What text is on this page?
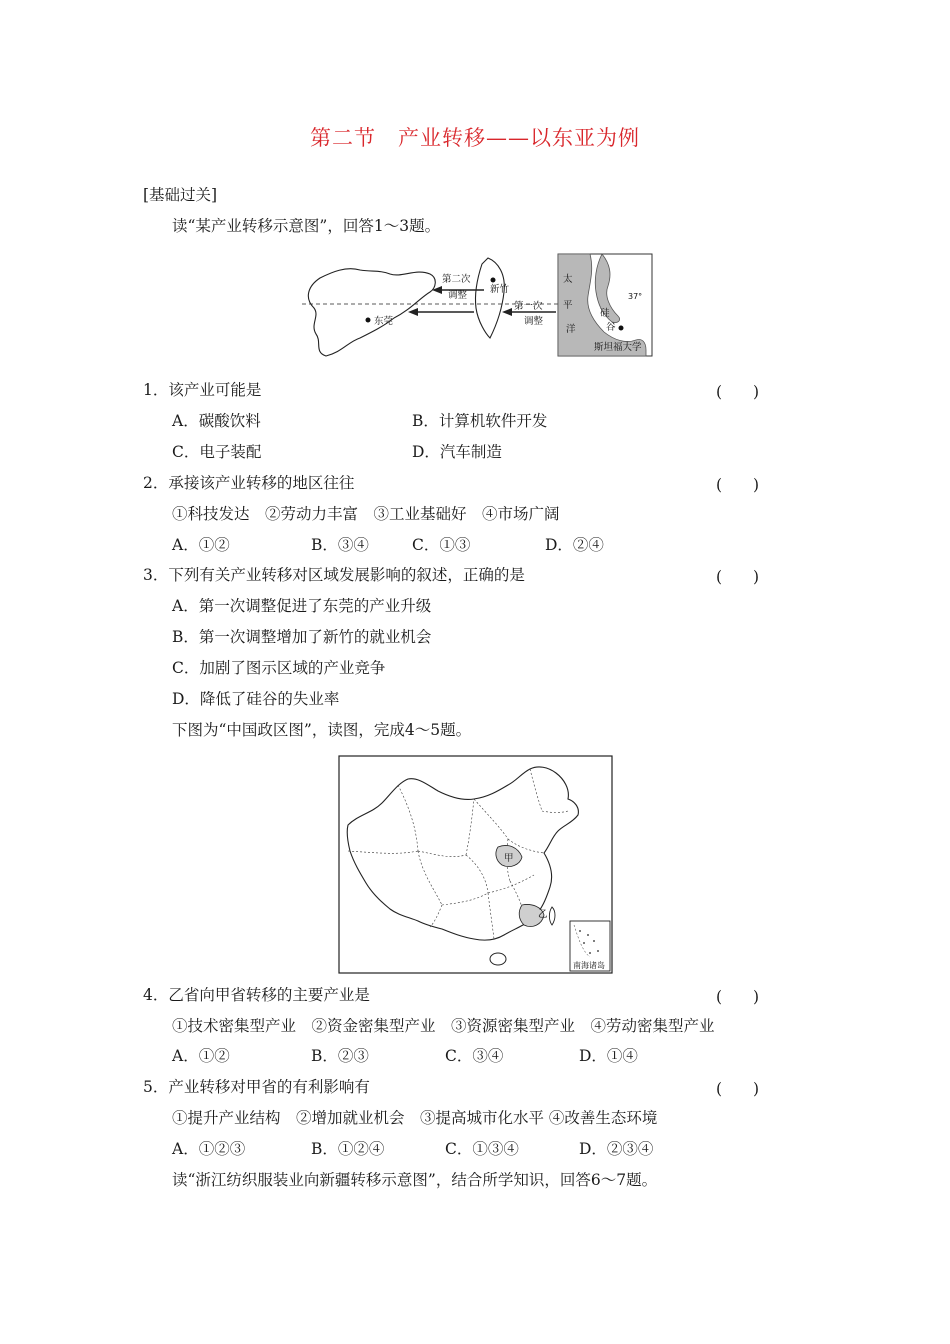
第二节　产业转移——以东亚为例
[基础过关]
读“某产业转移示意图”，回答1～3题。
第二次
调整
第一次
调整
新竹
东莞
太
平
洋
硅
谷
37°
斯坦福大学
1．该产业可能是	(　　)
A．碳酸饮料	B．计算机软件开发
C．电子装配	D．汽车制造
2．承接该产业转移的地区往往	(　　)
①科技发达　②劳动力丰富　③工业基础好　④市场广阔
A．①②	B．③④	C．①③	D．②④
3．下列有关产业转移对区域发展影响的叙述，正确的是	(　　)
A．第一次调整促进了东莞的产业升级
B．第一次调整增加了新竹的就业机会
C．加剧了图示区域的产业竞争
D．降低了硅谷的失业率
下图为“中国政区图”，读图，完成4～5题。
甲
乙
南海诸岛
4．乙省向甲省转移的主要产业是	(　　)
①技术密集型产业　②资金密集型产业　③资源密集型产业　④劳动密集型产业
A．①②	B．②③	C．③④	D．①④
5．产业转移对甲省的有利影响有	(　　)
①提升产业结构　②增加就业机会　③提高城市化水平 ④改善生态环境
A．①②③	B．①②④	C．①③④	D．②③④
读“浙江纺织服装业向新疆转移示意图”，结合所学知识，回答6～7题。
